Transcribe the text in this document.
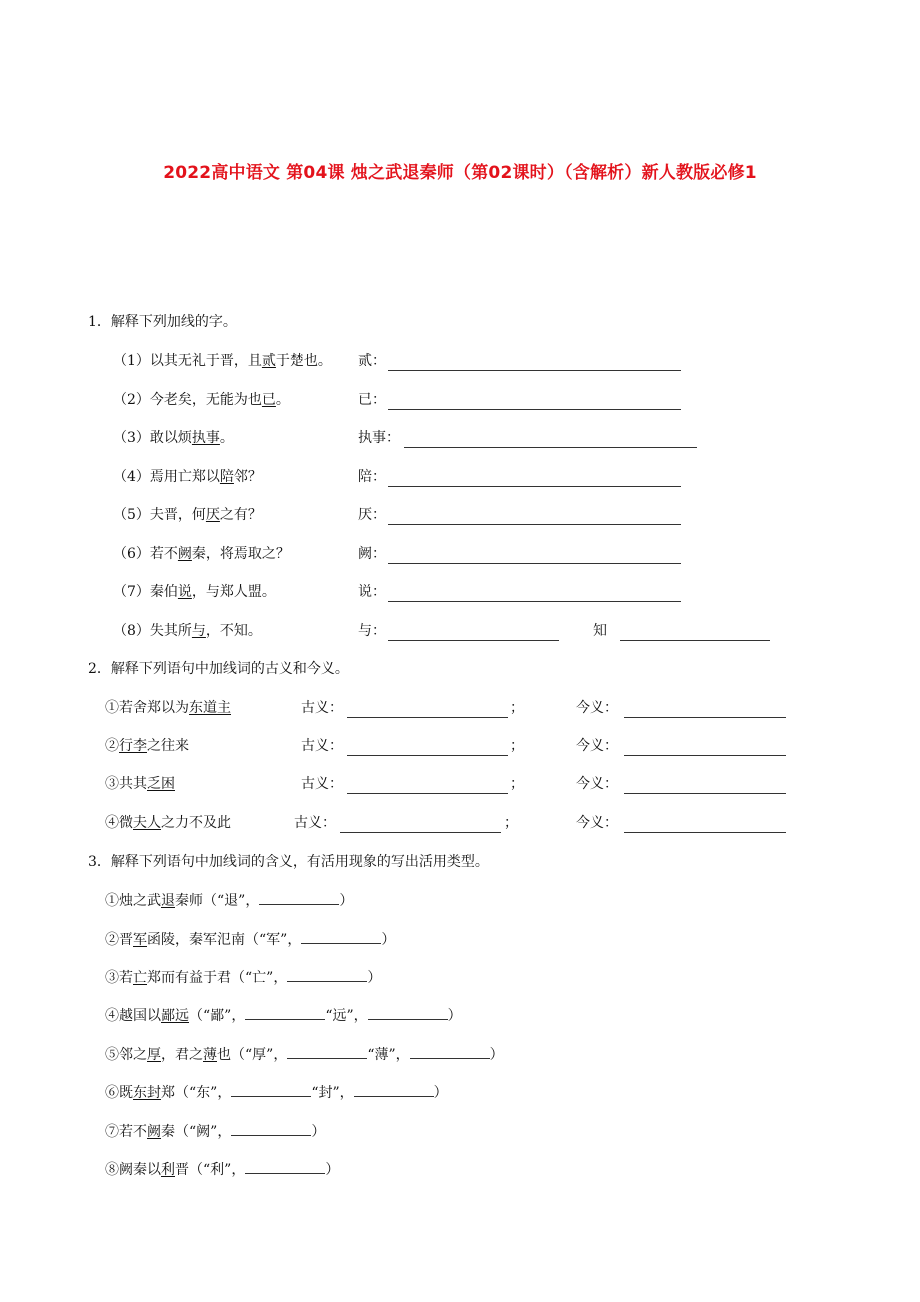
2022高中语文 第04课 烛之武退秦师（第02课时）（含解析）新人教版必修1
1．解释下列加线的字。
（1）以其无礼于晋，且贰于楚也。 贰：
（2）今老矣，无能为也已。	已：
（3）敢以烦执事。	执事：
（4）焉用亡郑以陪邻？	陪：
（5）夫晋，何厌之有？	厌：
（6）若不阙秦，将焉取之？	阙：
（7）秦伯说，与郑人盟。	说：
（8）失其所与，不知。	与：	知
2．解释下列语句中加线词的古义和今义。
①若舍郑以为东道主	古义：	；	今义：
②行李之往来	古义：	；	今义：
③共其乏困	古义：	；	今义：
④微夫人之力不及此	古义：	；	今义：
3．解释下列语句中加线词的含义，有活用现象的写出活用类型。
①烛之武退秦师（“退”，	）
②晋军函陵，秦军氾南（“军”，	）
③若亡郑而有益于君（“亡”，	）
④越国以鄙远（“鄙”，	“远”，	）
⑤邻之厚，君之薄也（“厚”，	“薄”，	）
⑥既东封郑（“东”，	“封”，	）
⑦若不阙秦（“阙”，	）
⑧阙秦以利晋（“利”，	）
